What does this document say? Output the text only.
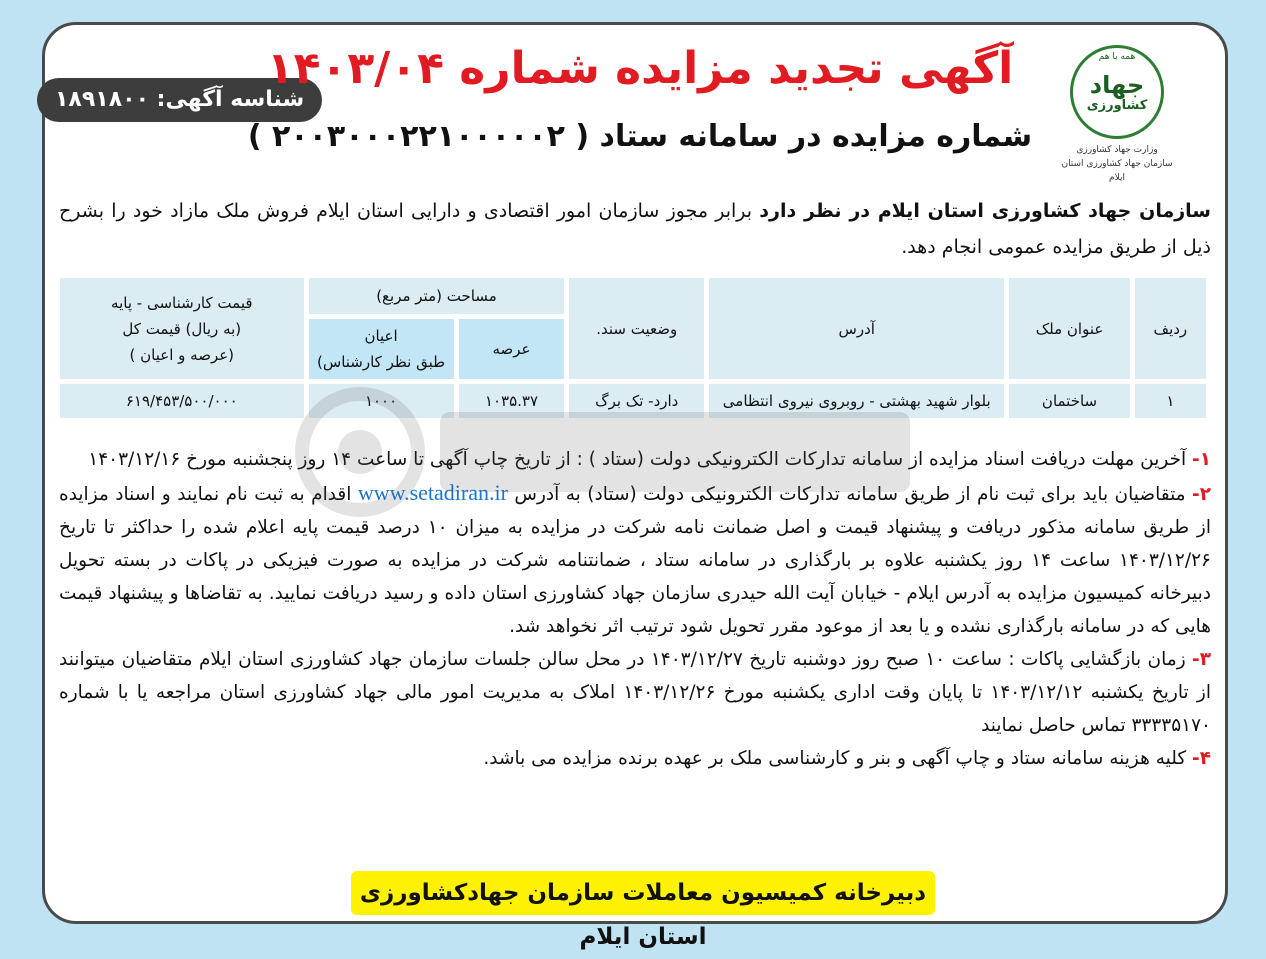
همه با هم
جهاد
کشاورزی
وزارت جهاد کشاورزی
سازمان جهاد کشاورزی استان ایلام
شناسه آگهی: ۱۸۹۱۸۰۰
آگهی تجدید مزایده شماره ۱۴۰۳/۰۴
شماره مزایده در سامانه ستاد ( ۲۰۰۳۰۰۰۲۲۱۰۰۰۰۰۲ )
سازمان جهاد کشاورزی استان ایلام در نظر دارد برابر مجوز سازمان امور اقتصادی و دارایی استان ایلام فروش ملک مازاد خود را بشرح ذیل از طریق مزایده عمومی انجام دهد.
ردیف	عنوان ملک	آدرس	وضعیت سند.	مساحت (متر مربع)		قیمت کارشناسی - پایه
(به ریال) قیمت کل
(عرصه و اعیان )

				عرصه	اعیان
طبق نظر کارشناس)	

۱	ساختمان	بلوار شهید بهشتی - روبروی نیروی انتظامی	دارد- تک برگ	۱۰۳۵.۳۷	۱۰۰۰	۶۱۹/۴۵۳/۵۰۰/۰۰۰

۱- آخرین مهلت دریافت اسناد مزایده از سامانه تدارکات الکترونیکی دولت (ستاد ) : از تاریخ چاپ آگهی تا ساعت ۱۴ روز پنجشنبه مورخ ۱۴۰۳/۱۲/۱۶

۲- متقاضیان باید برای ثبت نام از طریق سامانه تدارکات الکترونیکی دولت (ستاد) به آدرس www.setadiran.ir اقدام به ثبت نام نمایند و اسناد مزایده از طریق سامانه مذکور دریافت و پیشنهاد قیمت و اصل ضمانت نامه شرکت در مزایده به میزان ۱۰ درصد قیمت پایه اعلام شده را حداکثر تا تاریخ ۱۴۰۳/۱۲/۲۶ ساعت ۱۴ روز یکشنبه علاوه بر بارگذاری در سامانه ستاد ، ضمانتنامه شرکت در مزایده به صورت فیزیکی در پاکات در بسته تحویل دبیرخانه کمیسیون مزایده به آدرس ایلام - خیابان آیت الله حیدری سازمان جهاد کشاورزی استان داده و رسید دریافت نمایید. به تقاضاها و پیشنهاد قیمت هایی که در سامانه بارگذاری نشده و یا بعد از موعود مقرر تحویل شود ترتیب اثر نخواهد شد.

۳- زمان بازگشایی پاکات : ساعت ۱۰ صبح روز دوشنبه تاریخ ۱۴۰۳/۱۲/۲۷ در محل سالن جلسات سازمان جهاد کشاورزی استان ایلام متقاضیان میتوانند از تاریخ یکشنبه ۱۴۰۳/۱۲/۱۲ تا پایان وقت اداری یکشنبه مورخ ۱۴۰۳/۱۲/۲۶ املاک به مدیریت امور مالی جهاد کشاورزی استان مراجعه یا با شماره ۳۳۳۳۵۱۷۰ تماس حاصل نمایند

۴- کلیه هزینه سامانه ستاد و چاپ آگهی و بنر و کارشناسی ملک بر عهده برنده مزایده می باشد.

دبیرخانه کمیسیون معاملات سازمان جهادکشاورزی استان ایلام
